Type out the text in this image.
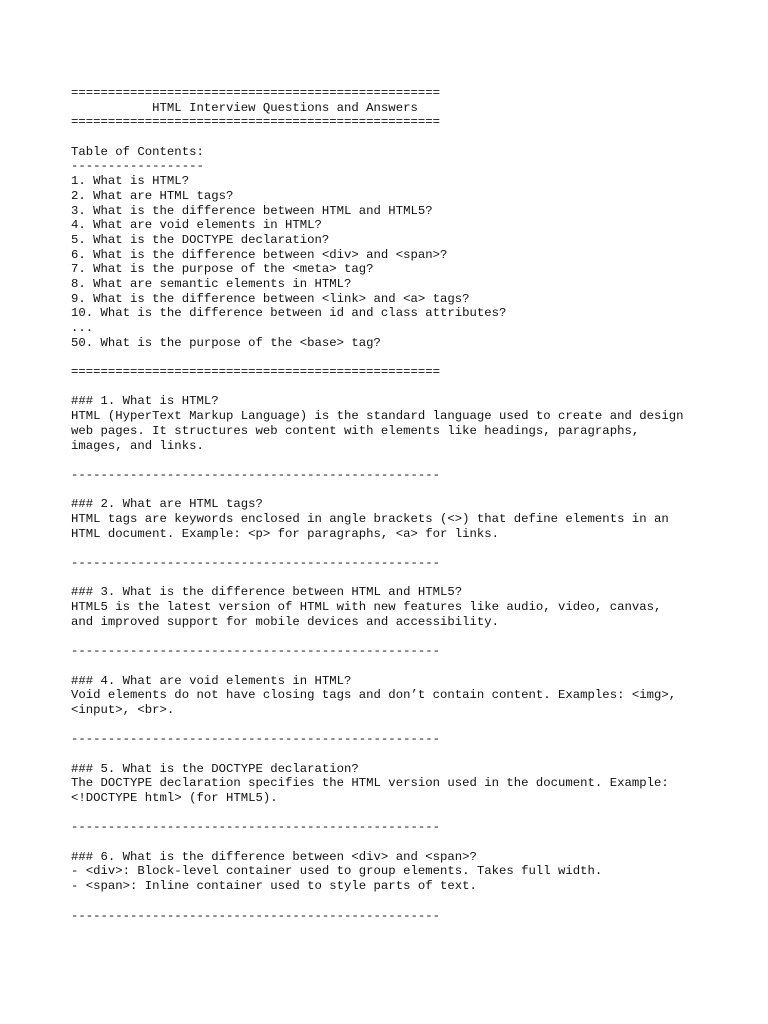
==================================================
HTML Interview Questions and Answers
==================================================
Table of Contents:
------------------
1. What is HTML?
2. What are HTML tags?
3. What is the difference between HTML and HTML5?
4. What are void elements in HTML?
5. What is the DOCTYPE declaration?
6. What is the difference between <div> and <span>?
7. What is the purpose of the <meta> tag?
8. What are semantic elements in HTML?
9. What is the difference between <link> and <a> tags?
10. What is the difference between id and class attributes?
...
50. What is the purpose of the <base> tag?
==================================================
### 1. What is HTML?
HTML (HyperText Markup Language) is the standard language used to create and design
web pages. It structures web content with elements like headings, paragraphs,
images, and links.
--------------------------------------------------
### 2. What are HTML tags?
HTML tags are keywords enclosed in angle brackets (<>) that define elements in an
HTML document. Example: <p> for paragraphs, <a> for links.
--------------------------------------------------
### 3. What is the difference between HTML and HTML5?
HTML5 is the latest version of HTML with new features like audio, video, canvas,
and improved support for mobile devices and accessibility.
--------------------------------------------------
### 4. What are void elements in HTML?
Void elements do not have closing tags and don’t contain content. Examples: <img>,
<input>, <br>.
--------------------------------------------------
### 5. What is the DOCTYPE declaration?
The DOCTYPE declaration specifies the HTML version used in the document. Example:
<!DOCTYPE html> (for HTML5).
--------------------------------------------------
### 6. What is the difference between <div> and <span>?
- <div>: Block-level container used to group elements. Takes full width.
- <span>: Inline container used to style parts of text.
--------------------------------------------------
